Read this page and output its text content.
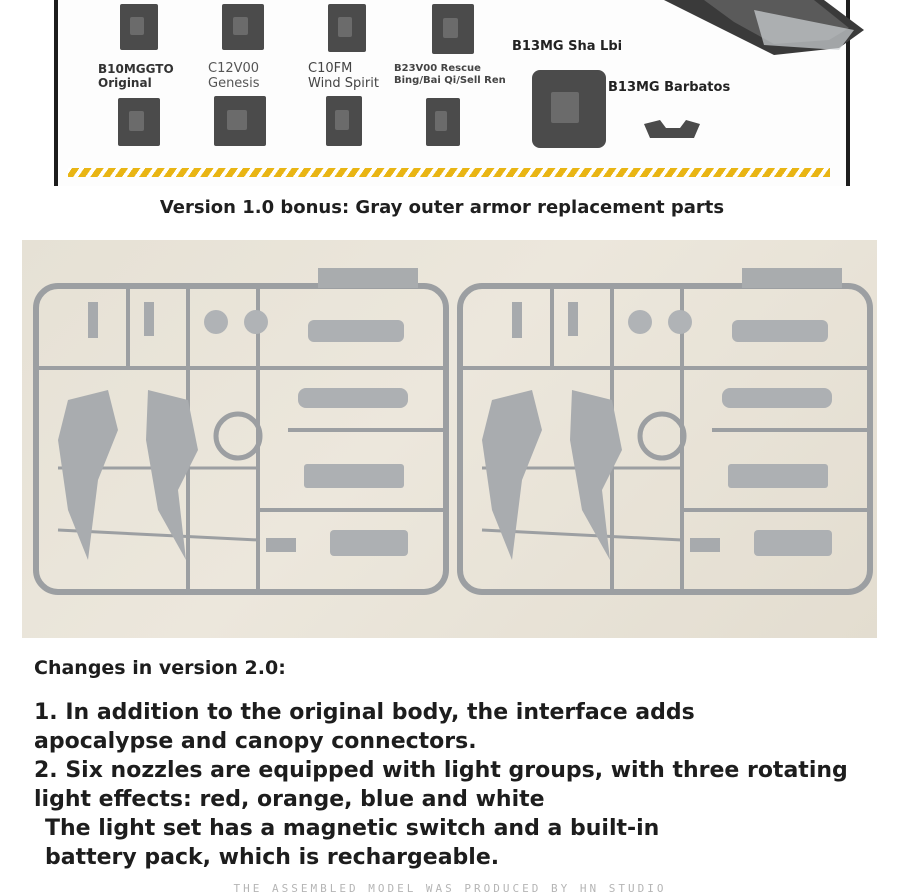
B10MGGTO
Original
C12V00
Genesis
C10FM
Wind Spirit
B23V00 Rescue
Bing/Bai Qi/Sell Ren
B13MG Sha Lbi
B13MG Barbatos
Version 1.0 bonus: Gray outer armor replacement parts
Changes in version 2.0:
1. In addition to the original body, the interface adds
apocalypse and canopy connectors.
2. Six nozzles are equipped with light groups, with three rotating
light effects: red, orange, blue and white
The light set has a magnetic switch and a built-in
battery pack, which is rechargeable.
THE ASSEMBLED MODEL WAS PRODUCED BY HN STUDIO
